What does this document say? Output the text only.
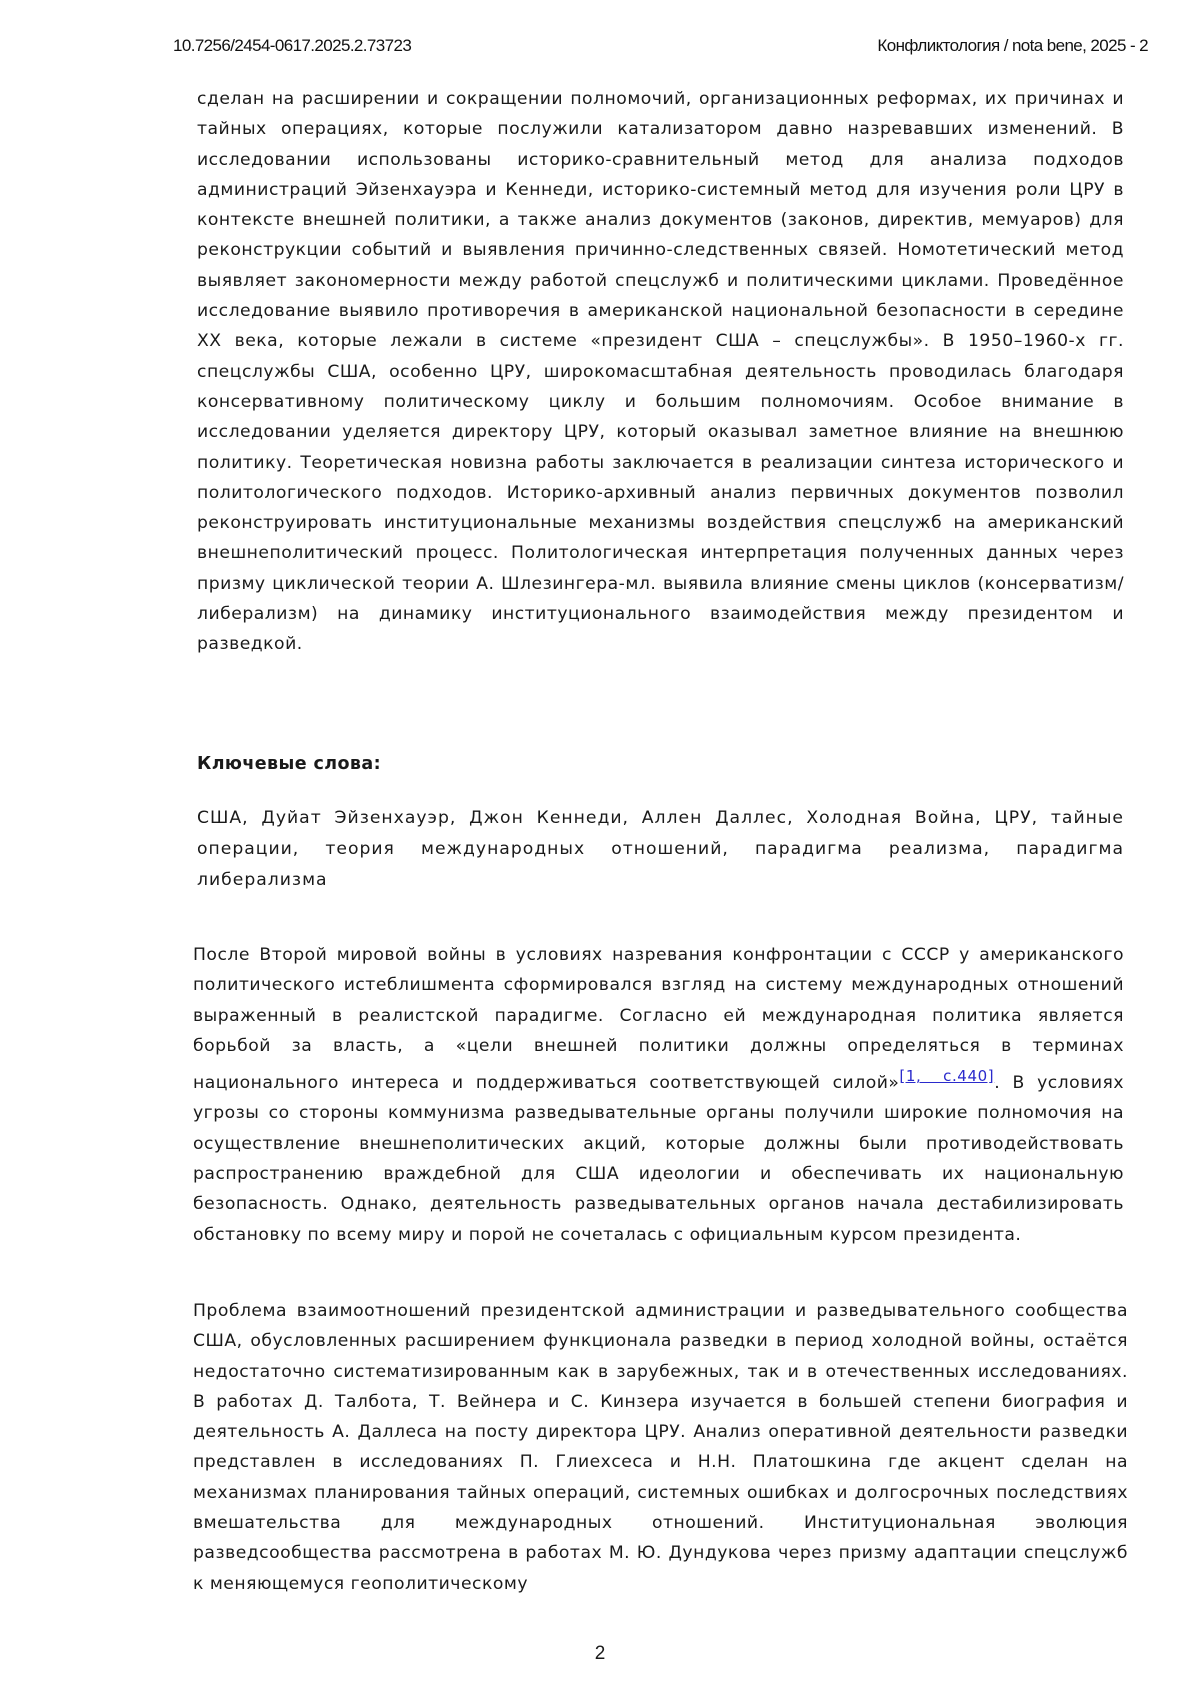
10.7256/2454-0617.2025.2.73723	Конфликтология / nota bene, 2025 - 2

сделан на расширении и сокращении полномочий, организационных реформах, их причинах и тайных операциях, которые послужили катализатором давно назревавших изменений. В исследовании использованы историко-сравнительный метод для анализа подходов администраций Эйзенхауэра и Кеннеди, историко-системный метод для изучения роли ЦРУ в контексте внешней политики, а также анализ документов (законов, директив, мемуаров) для реконструкции событий и выявления причинно-следственных связей. Номотетический метод выявляет закономерности между работой спецслужб и политическими циклами. Проведённое исследование выявило противоречия в американской национальной безопасности в середине XX века, которые лежали в системе «президент США – спецслужбы». В 1950–1960-х гг. спецслужбы США, особенно ЦРУ, широкомасштабная деятельность проводилась благодаря консервативному политическому циклу и большим полномочиям. Особое внимание в исследовании уделяется директору ЦРУ, который оказывал заметное влияние на внешнюю политику. Теоретическая новизна работы заключается в реализации синтеза исторического и политологического подходов. Историко-архивный анализ первичных документов позволил реконструировать институциональные механизмы воздействия спецслужб на американский внешнеполитический процесс. Политологическая интерпретация полученных данных через призму циклической теории А. Шлезингера-мл. выявила влияние смены циклов (консерватизм/либерализм) на динамику институционального взаимодействия между президентом и разведкой.

Ключевые слова:

США, Дуйат Эйзенхауэр, Джон Кеннеди, Аллен Даллес, Холодная Война, ЦРУ, тайные операции, теория международных отношений, парадигма реализма, парадигма либерализма

После Второй мировой войны в условиях назревания конфронтации с СССР у американского политического истеблишмента сформировался взгляд на систему международных отношений выраженный в реалистской парадигме. Согласно ей международная политика является борьбой за власть, а «цели внешней политики должны определяться в терминах национального интереса и поддерживаться соответствующей силой»[1, с.440]. В условиях угрозы со стороны коммунизма разведывательные органы получили широкие полномочия на осуществление внешнеполитических акций, которые должны были противодействовать распространению враждебной для США идеологии и обеспечивать их национальную безопасность. Однако, деятельность разведывательных органов начала дестабилизировать обстановку по всему миру и порой не сочеталась с официальным курсом президента.

Проблема взаимоотношений президентской администрации и разведывательного сообщества США, обусловленных расширением функционала разведки в период холодной войны, остаётся недостаточно систематизированным как в зарубежных, так и в отечественных исследованиях. В работах Д. Талбота, Т. Вейнера и С. Кинзера изучается в большей степени биография и деятельность А. Даллеса на посту директора ЦРУ. Анализ оперативной деятельности разведки представлен в исследованиях П. Глиехсеса и Н.Н. Платошкина где акцент сделан на механизмах планирования тайных операций, системных ошибках и долгосрочных последствиях вмешательства для международных отношений. Институциональная эволюция разведсообщества рассмотрена в работах М. Ю. Дундукова через призму адаптации спецслужб к меняющемуся геополитическому

2
